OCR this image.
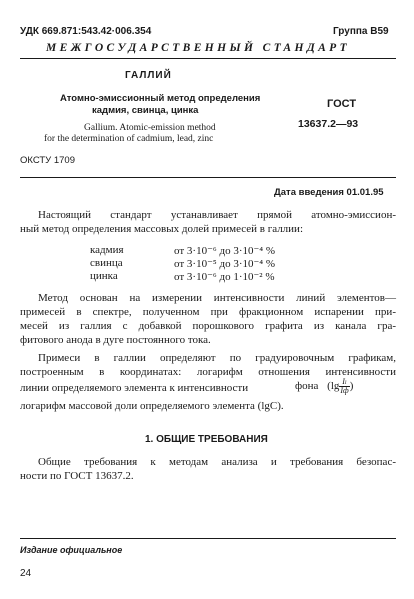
УДК 669.871:543.42·006.354	Группа В59
МЕЖГОСУДАРСТВЕННЫЙ СТАНДАРТ
ГАЛЛИЙ
Атомно-эмиссионный метод определения
кадмия, свинца, цинка
Gallium. Atomic-emission method
for the determination of cadmium, lead, zinc
ГОСТ
13637.2—93
ОКСТУ 1709
Дата введения 01.01.95
Настоящий стандарт устанавливает прямой атомно-эмиссион-
ный метод определения массовых долей примесей в галлии:
кадмия	от 3·10⁻⁶ до 3·10⁻⁴ %
свинца	от 3·10⁻⁵ до 3·10⁻⁴ %
цинка	от 3·10⁻⁶ до 1·10⁻² %
Метод основан на измерении интенсивности линий элементов—
примесей в спектре, полученном при фракционном испарении при-
месей из галлия с добавкой порошкового графита из канала гра-
фитового анода в дуге постоянного тока.
Примеси в галлии определяют по градуировочным графикам,
построенным в координатах: логарифм отношения интенсивности
линии определяемого элемента к интенсивности	фона ($\lg \frac{\text{Iₗ}}{Iф}$ )
логарифм массовой доли определяемого элемента (lgC).
1. ОБЩИЕ ТРЕБОВАНИЯ
Общие требования к методам анализа и требования безопас-
ности по ГОСТ 13637.2.
Издание официальное
24
